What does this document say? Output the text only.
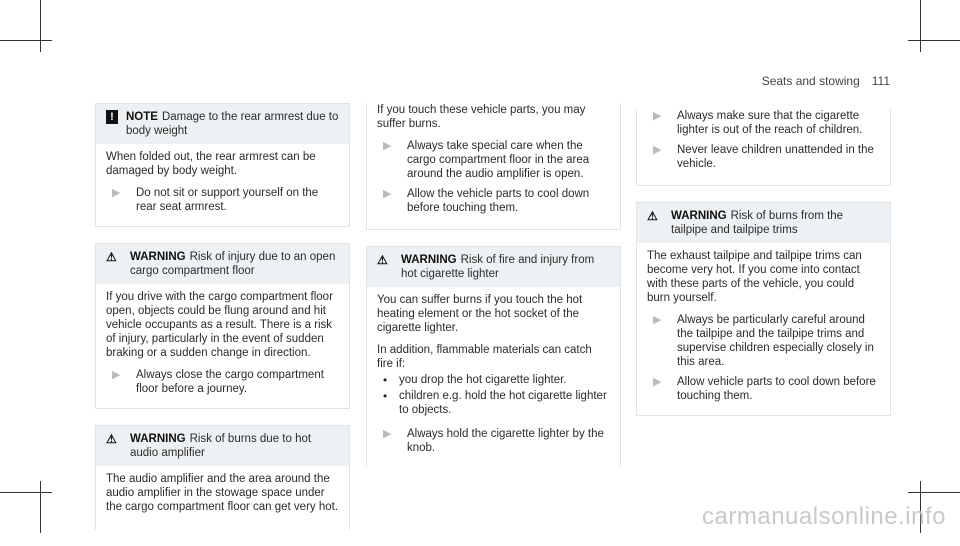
Seats and stowing 111
!	NOTE Damage to the rear armrest due to body weight

When folded out, the rear armrest can be damaged by body weight.

▶	Do not sit or support yourself on the rear seat armrest.
⚠	WARNING Risk of injury due to an open cargo compartment floor

If you drive with the cargo compartment floor open, objects could be flung around and hit vehicle occupants as a result. There is a risk of injury, particularly in the event of sudden braking or a sudden change in direction.

▶	Always close the cargo compartment floor before a journey.
⚠	WARNING Risk of burns due to hot audio amplifier

The audio amplifier and the area around the audio amplifier in the stowage space under the cargo compartment floor can get very hot.

If you touch these vehicle parts, you may suffer burns.

▶	Always take special care when the cargo compartment floor in the area around the audio amplifier is open.
▶	Allow the vehicle parts to cool down before touching them.
⚠	WARNING Risk of fire and injury from hot cigarette lighter

You can suffer burns if you touch the hot heating element or the hot socket of the cigarette lighter.

In addition, flammable materials can catch fire if:

•	you drop the hot cigarette lighter.
•	children e.g. hold the hot cigarette lighter to objects.
▶	Always hold the cigarette lighter by the knob.
▶	Always make sure that the cigarette lighter is out of the reach of children.
▶	Never leave children unattended in the vehicle.
⚠	WARNING Risk of burns from the tailpipe and tailpipe trims

The exhaust tailpipe and tailpipe trims can become very hot. If you come into contact with these parts of the vehicle, you could burn yourself.

▶	Always be particularly careful around the tailpipe and the tailpipe trims and supervise children especially closely in this area.
▶	Allow vehicle parts to cool down before touching them.
carmanualsonline.info
